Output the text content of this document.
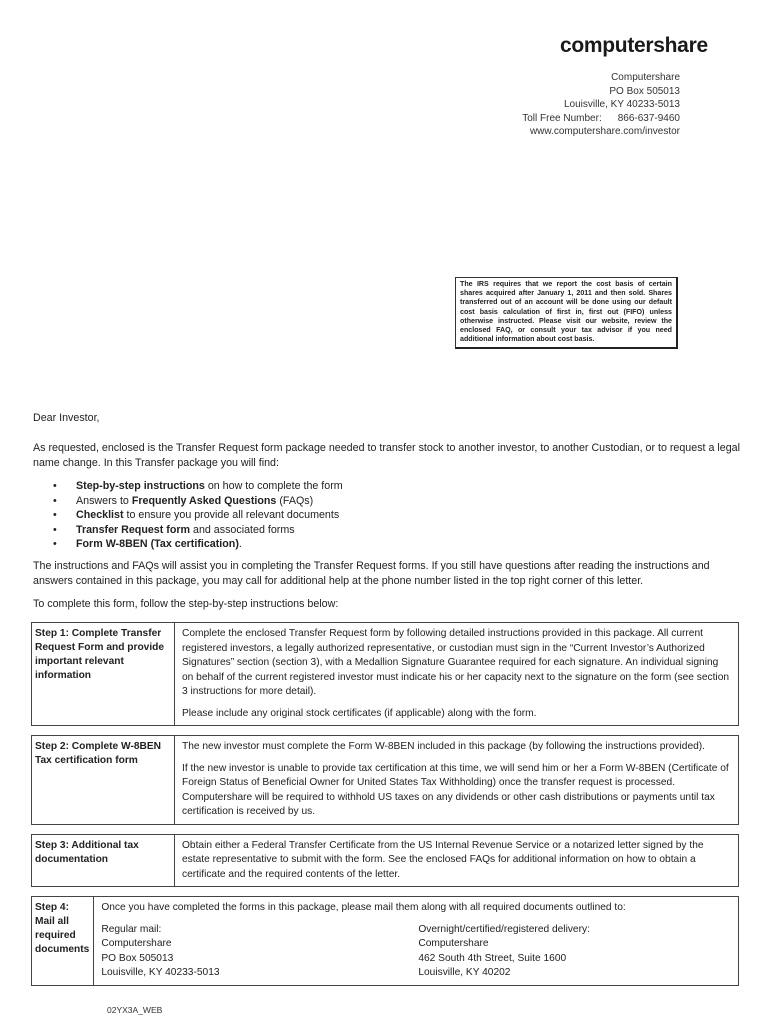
computershare
Computershare
PO Box 505013
Louisville, KY 40233-5013
Toll Free Number: 866-637-9460
www.computershare.com/investor
The IRS requires that we report the cost basis of certain shares acquired after January 1, 2011 and then sold. Shares transferred out of an account will be done using our default cost basis calculation of first in, first out (FIFO) unless otherwise instructed. Please visit our website, review the enclosed FAQ, or consult your tax advisor if you need additional information about cost basis.
Dear Investor,
As requested, enclosed is the Transfer Request form package needed to transfer stock to another investor, to another Custodian, or to request a legal name change. In this Transfer package you will find:
• Step-by-step instructions on how to complete the form
• Answers to Frequently Asked Questions (FAQs)
• Checklist to ensure you provide all relevant documents
• Transfer Request form and associated forms
• Form W-8BEN (Tax certification).
The instructions and FAQs will assist you in completing the Transfer Request forms. If you still have questions after reading the instructions and answers contained in this package, you may call for additional help at the phone number listed in the top right corner of this letter.
To complete this form, follow the step-by-step instructions below:
Step 1: Complete Transfer Request Form and provide important relevant information

Complete the enclosed Transfer Request form by following detailed instructions provided in this package. All current registered investors, a legally authorized representative, or custodian must sign in the “Current Investor’s Authorized Signatures” section (section 3), with a Medallion Signature Guarantee required for each signature. An individual signing on behalf of the current registered investor must indicate his or her capacity next to the signature on the form (see section 3 instructions for more detail).

Please include any original stock certificates (if applicable) along with the form.

Step 2: Complete W-8BEN Tax certification form

The new investor must complete the Form W-8BEN included in this package (by following the instructions provided).

If the new investor is unable to provide tax certification at this time, we will send him or her a Form W-8BEN (Certificate of Foreign Status of Beneficial Owner for United States Tax Withholding) once the transfer request is processed. Computershare will be required to withhold US taxes on any dividends or other cash distributions or payments until tax certification is received by us.

Step 3: Additional tax documentation

Obtain either a Federal Transfer Certificate from the US Internal Revenue Service or a notarized letter signed by the estate representative to submit with the form. See the enclosed FAQs for additional information on how to obtain a certificate and the required contents of the letter.

Step 4: Mail all required documents

Once you have completed the forms in this package, please mail them along with all required documents outlined to:

Regular mail:
Computershare
PO Box 505013
Louisville, KY 40233-5013
Overnight/certified/registered delivery:
Computershare
462 South 4th Street, Suite 1600
Louisville, KY 40202
02YX3A_WEB
